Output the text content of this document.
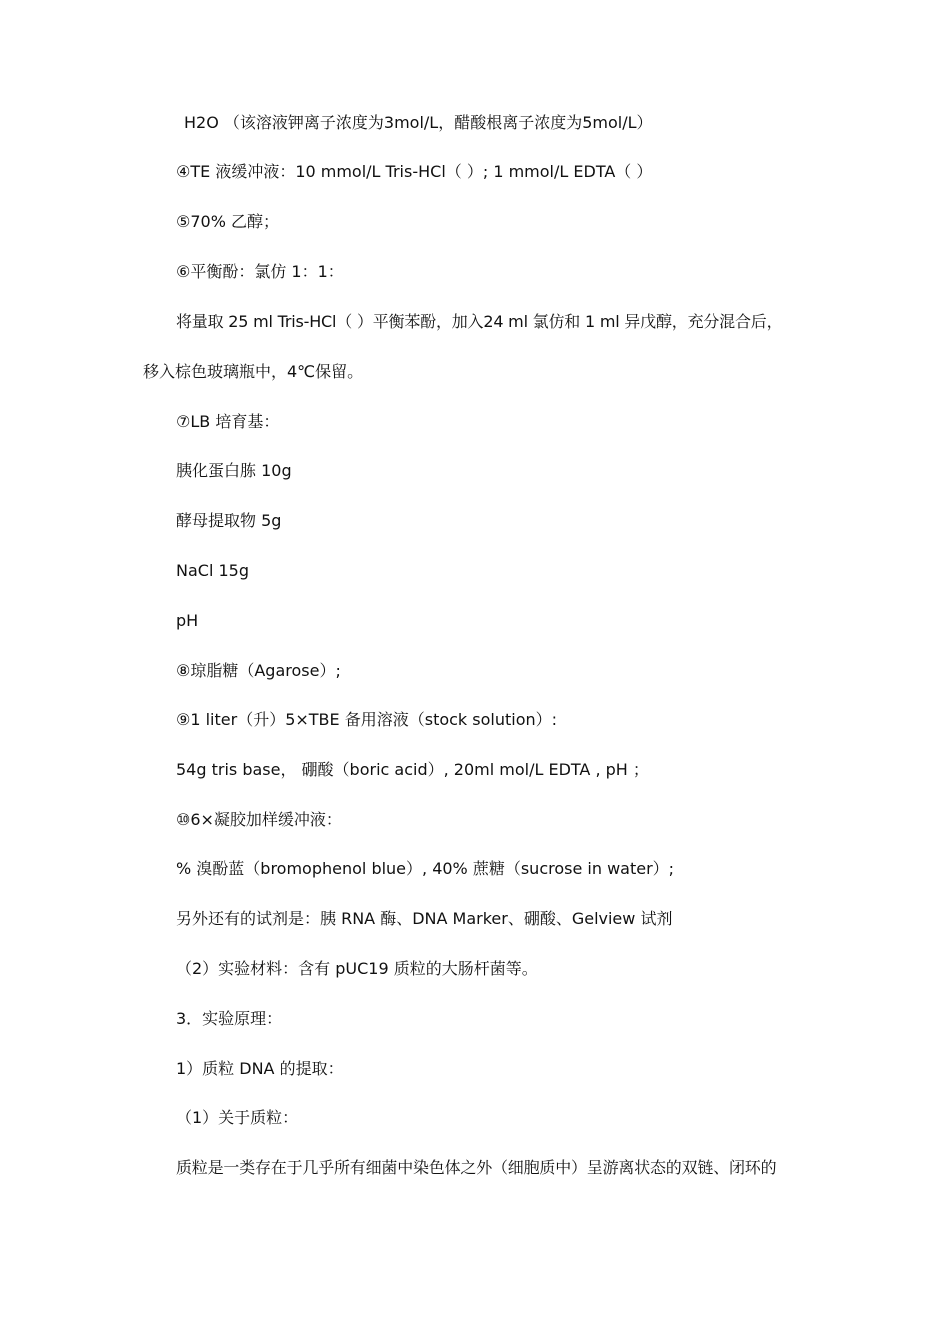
H2O （该溶液钾离子浓度为3mol/L，醋酸根离子浓度为5mol/L）
④TE 液缓冲液：10 mmol/L Tris-HCl（ ）; 1 mmol/L EDTA（ ）
⑤70% 乙醇；
⑥平衡酚：氯仿 1：1：
将量取 25 ml Tris-HCl（ ）平衡苯酚，加入24 ml 氯仿和 1 ml 异戊醇，充分混合后，
移入棕色玻璃瓶中，4℃保留。
⑦LB 培育基：
胰化蛋白胨 10g
酵母提取物 5g
NaCl 15g
pH
⑧琼脂糖（Agarose）;
⑨1 liter（升）5×TBE 备用溶液（stock solution）:
54g tris base， 硼酸（boric acid）, 20ml mol/L EDTA , pH ；
⑩6×凝胶加样缓冲液：
% 溴酚蓝（bromophenol blue）, 40% 蔗糖（sucrose in water）;
另外还有的试剂是：胰 RNA 酶、DNA Marker、硼酸、Gelview 试剂
（2）实验材料：含有 pUC19 质粒的大肠杆菌等。
3．实验原理：
1）质粒 DNA 的提取：
（1）关于质粒：
质粒是一类存在于几乎所有细菌中染色体之外（细胞质中）呈游离状态的双链、闭环的
